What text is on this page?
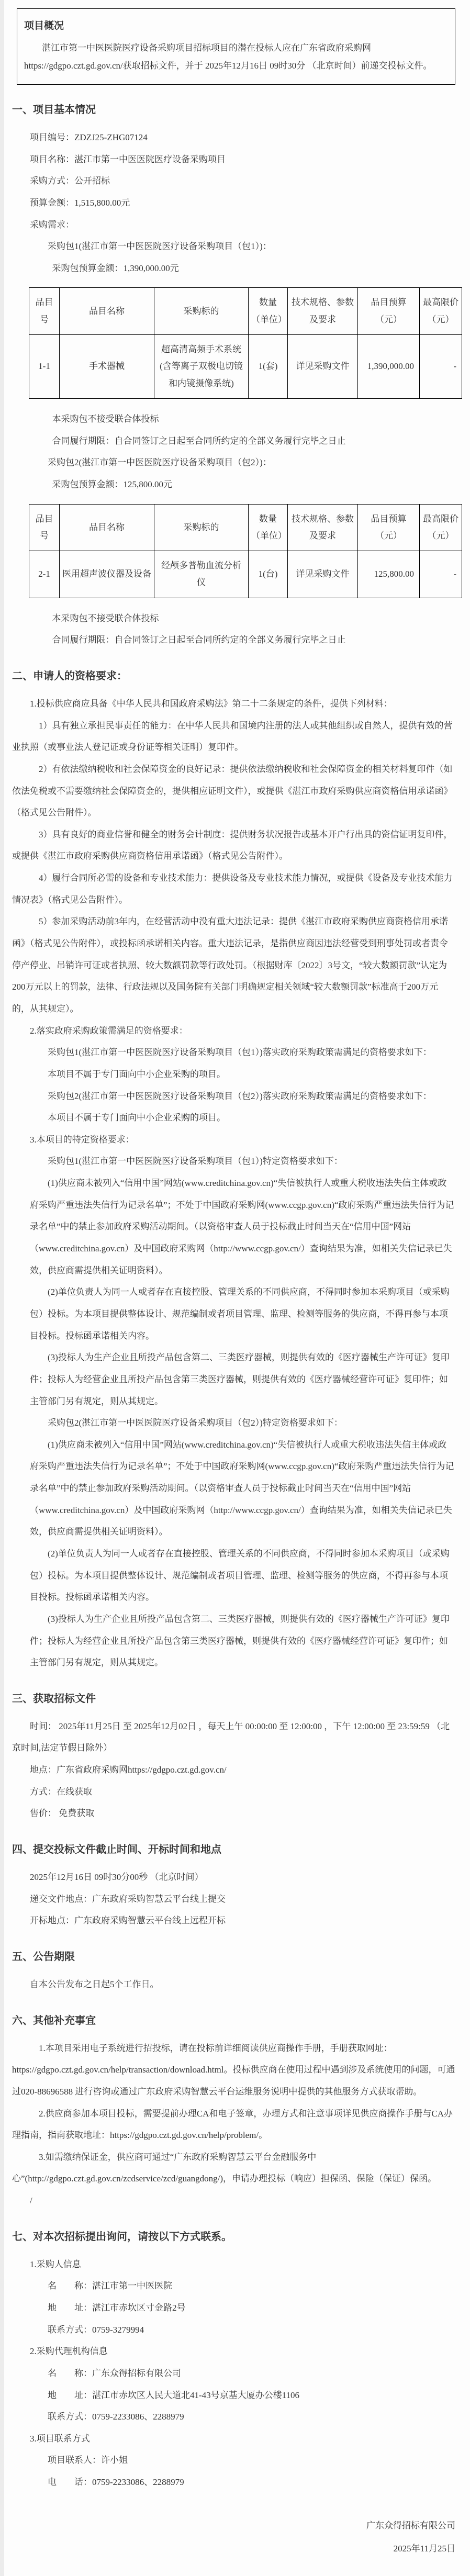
项目概况

湛江市第一中医医院医疗设备采购项目招标项目的潜在投标人应在广东省政府采购网https://gdgpo.czt.gd.gov.cn/获取招标文件，并于 2025年12月16日 09时30分 （北京时间）前递交投标文件。

一、项目基本情况

项目编号：ZDZJ25-ZHG07124

项目名称：湛江市第一中医医院医疗设备采购项目

采购方式：公开招标

预算金额：1,515,800.00元

采购需求：

采购包1(湛江市第一中医医院医疗设备采购项目（包1）)：

采购包预算金额：1,390,000.00元

品目号	品目名称	采购标的	数量（单位）	技术规格、参数及要求	品目预算（元）	最高限价（元）
1-1	手术器械	超高清高频手术系统(含等离子双极电切镜和内镜摄像系统)	1(套)	详见采购文件	1,390,000.00	-

本采购包不接受联合体投标

合同履行期限：自合同签订之日起至合同所约定的全部义务履行完毕之日止

采购包2(湛江市第一中医医院医疗设备采购项目（包2）)：

采购包预算金额：125,800.00元

品目号	品目名称	采购标的	数量（单位）	技术规格、参数及要求	品目预算（元）	最高限价（元）
2-1	医用超声波仪器及设备	经颅多普勒血流分析仪	1(台)	详见采购文件	125,800.00	-

本采购包不接受联合体投标

合同履行期限：自合同签订之日起至合同所约定的全部义务履行完毕之日止

二、申请人的资格要求：

1.投标供应商应具备《中华人民共和国政府采购法》第二十二条规定的条件，提供下列材料：

1）具有独立承担民事责任的能力：在中华人民共和国境内注册的法人或其他组织或自然人，提供有效的营业执照（或事业法人登记证或身份证等相关证明）复印件。

2）有依法缴纳税收和社会保障资金的良好记录：提供依法缴纳税收和社会保障资金的相关材料复印件（如依法免税或不需要缴纳社会保障资金的，提供相应证明文件），或提供《湛江市政府采购供应商资格信用承诺函》（格式见公告附件）。

3）具有良好的商业信誉和健全的财务会计制度：提供财务状况报告或基本开户行出具的资信证明复印件，或提供《湛江市政府采购供应商资格信用承诺函》（格式见公告附件）。

4）履行合同所必需的设备和专业技术能力：提供设备及专业技术能力情况，或提供《设备及专业技术能力情况表》（格式见公告附件）。

5）参加采购活动前3年内，在经营活动中没有重大违法记录：提供《湛江市政府采购供应商资格信用承诺函》（格式见公告附件），或投标函承诺相关内容。重大违法记录，是指供应商因违法经营受到刑事处罚或者责令停产停业、吊销许可证或者执照、较大数额罚款等行政处罚。（根据财库〔2022〕3号文，“较大数额罚款”认定为200万元以上的罚款，法律、行政法规以及国务院有关部门明确规定相关领域“较大数额罚款”标准高于200万元的，从其规定）。

2.落实政府采购政策需满足的资格要求：

采购包1(湛江市第一中医医院医疗设备采购项目（包1）)落实政府采购政策需满足的资格要求如下：

本项目不属于专门面向中小企业采购的项目。

采购包2(湛江市第一中医医院医疗设备采购项目（包2）)落实政府采购政策需满足的资格要求如下：

本项目不属于专门面向中小企业采购的项目。

3.本项目的特定资格要求：

采购包1(湛江市第一中医医院医疗设备采购项目（包1）)特定资格要求如下：

(1)供应商未被列入“信用中国”网站(www.creditchina.gov.cn)“失信被执行人或重大税收违法失信主体或政府采购严重违法失信行为记录名单”；不处于中国政府采购网(www.ccgp.gov.cn)“政府采购严重违法失信行为记录名单”中的禁止参加政府采购活动期间。（以资格审查人员于投标截止时间当天在“信用中国”网站（www.creditchina.gov.cn）及中国政府采购网（http://www.ccgp.gov.cn/）查询结果为准，如相关失信记录已失效，供应商需提供相关证明资料）。

(2)单位负责人为同一人或者存在直接控股、管理关系的不同供应商，不得同时参加本采购项目（或采购包）投标。为本项目提供整体设计、规范编制或者项目管理、监理、检测等服务的供应商，不得再参与本项目投标。投标函承诺相关内容。

(3)投标人为生产企业且所投产品包含第二、三类医疗器械，则提供有效的《医疗器械生产许可证》复印件；投标人为经营企业且所投产品包含第三类医疗器械，则提供有效的《医疗器械经营许可证》复印件；如主管部门另有规定，则从其规定。

采购包2(湛江市第一中医医院医疗设备采购项目（包2）)特定资格要求如下：

(1)供应商未被列入“信用中国”网站(www.creditchina.gov.cn)“失信被执行人或重大税收违法失信主体或政府采购严重违法失信行为记录名单”；不处于中国政府采购网(www.ccgp.gov.cn)“政府采购严重违法失信行为记录名单”中的禁止参加政府采购活动期间。（以资格审查人员于投标截止时间当天在“信用中国”网站（www.creditchina.gov.cn）及中国政府采购网（http://www.ccgp.gov.cn/）查询结果为准，如相关失信记录已失效，供应商需提供相关证明资料）。

(2)单位负责人为同一人或者存在直接控股、管理关系的不同供应商，不得同时参加本采购项目（或采购包）投标。为本项目提供整体设计、规范编制或者项目管理、监理、检测等服务的供应商，不得再参与本项目投标。投标函承诺相关内容。

(3)投标人为生产企业且所投产品包含第二、三类医疗器械，则提供有效的《医疗器械生产许可证》复印件；投标人为经营企业且所投产品包含第三类医疗器械，则提供有效的《医疗器械经营许可证》复印件；如主管部门另有规定，则从其规定。

三、获取招标文件

时间： 2025年11月25日 至 2025年12月02日 ，每天上午 00:00:00 至 12:00:00 ，下午 12:00:00 至 23:59:59 （北京时间,法定节假日除外）

地点：广东省政府采购网https://gdgpo.czt.gd.gov.cn/

方式：在线获取

售价： 免费获取

四、提交投标文件截止时间、开标时间和地点

2025年12月16日 09时30分00秒 （北京时间）

递交文件地点：广东政府采购智慧云平台线上提交

开标地点：广东政府采购智慧云平台线上远程开标

五、公告期限

自本公告发布之日起5个工作日。

六、其他补充事宜

1.本项目采用电子系统进行招投标，请在投标前详细阅读供应商操作手册，手册获取网址：https://gdgpo.czt.gd.gov.cn/help/transaction/download.html。投标供应商在使用过程中遇到涉及系统使用的问题，可通过020-88696588 进行咨询或通过广东政府采购智慧云平台运维服务说明中提供的其他服务方式获取帮助。

2.供应商参加本项目投标，需要提前办理CA和电子签章，办理方式和注意事项详见供应商操作手册与CA办理指南，指南获取地址：https://gdgpo.czt.gd.gov.cn/help/problem/。

3.如需缴纳保证金，供应商可通过“广东政府采购智慧云平台金融服务中心”(http://gdgpo.czt.gd.gov.cn/zcdservice/zcd/guangdong/)，申请办理投标（响应）担保函、保险（保证）保函。

/

七、对本次招标提出询问，请按以下方式联系。

1.采购人信息

名　　称：湛江市第一中医医院

地　　址：湛江市赤坎区寸金路2号

联系方式：0759-3279994

2.采购代理机构信息

名　　称：广东众得招标有限公司

地　　址：湛江市赤坎区人民大道北41-43号京基大厦办公楼1106

联系方式：0759-2233086、2288979

3.项目联系方式

项目联系人：许小姐

电　　话：0759-2233086、2288979

广东众得招标有限公司

2025年11月25日
